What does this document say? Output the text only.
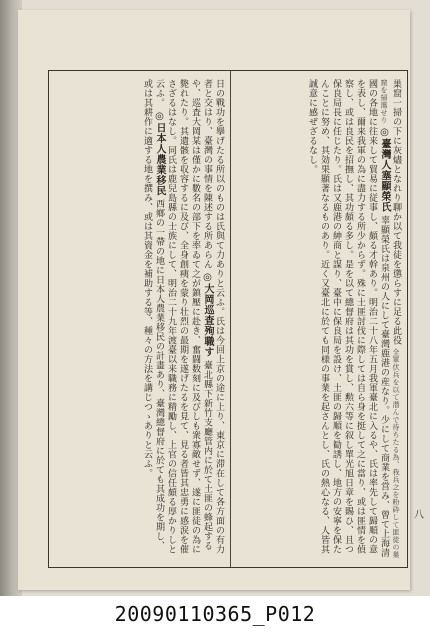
巣窟一掃の下に灰燼となれり聊か以て我徒を懲らすに足る此役 全軍伏兵を以て潜んで待ちたる為、我兵之を粉砕して匪徒の巣窟を掃蕩せり ◎臺灣人塞顯榮氏 辜顯榮氏は泉州の人にして臺灣鹿港の産なり。少にして商業を営み、曾て上海清國の各地に往来して貿易に従事し、頗る才幹あり。明治二十八年五月我軍臺北に入るや、氏は率先して歸順の意を表し、爾来我軍の為に盡力する所少からず。殊に土匪討伐に際しては自ら身を挺して之に當り、或は匪情を偵察し、或は良民を招撫し、其功頗る多し。是を以て總督府は其功を賞し、勲六等に叙し單光旭日章を賜ひ、且つ保良局長に任じたり。氏は又鹿港の紳商と謀り、臺中に保良局を設け、土匪の歸順を勧誘し、地方の安寧を保たんことに努め、其効果顯著なるものあり。近く又臺北に於ても同様の事業を起さんとし、氏の熱心なる、人皆其誠意に感ぜざるなし。
日の戰功を擧げたる所以のものは氏與て力ありと云ふ。氏は今回上京の途に上り、東京に滞在して各方面の有力者と交はり、臺灣の事情を陳述する所あらん ◎大岡巡査殉職す 臺北縣下新竹支廳管内に於て土匪の蜂起するや、巡査大岡某は僅かに數名の部下を率ゐて之が鎮壓に赴き、奮闘数刻に及びしも衆寡敵せず、遂に匪徒の為に斃れたり。其遺骸を収容するに及び、全身創痍を蒙り壮烈の最期を遂げたるを見て、見る者皆其忠勇に感涙を催さざるはなし。同氏は鹿兒島縣の士族にして、明治二十九年渡臺以来職務に精勵し、上官の信任頗る厚かりしと云ふ。 ◎日本人農業移民 西鄉の一帶の地に日本人農業移民の計畫あり、臺灣總督府に於ても其成功を期し、或は其耕作に適する地を撰み、或は其資金を補助する等、種々の方法を講じつゝありと云ふ。
八
20090110365_P012
